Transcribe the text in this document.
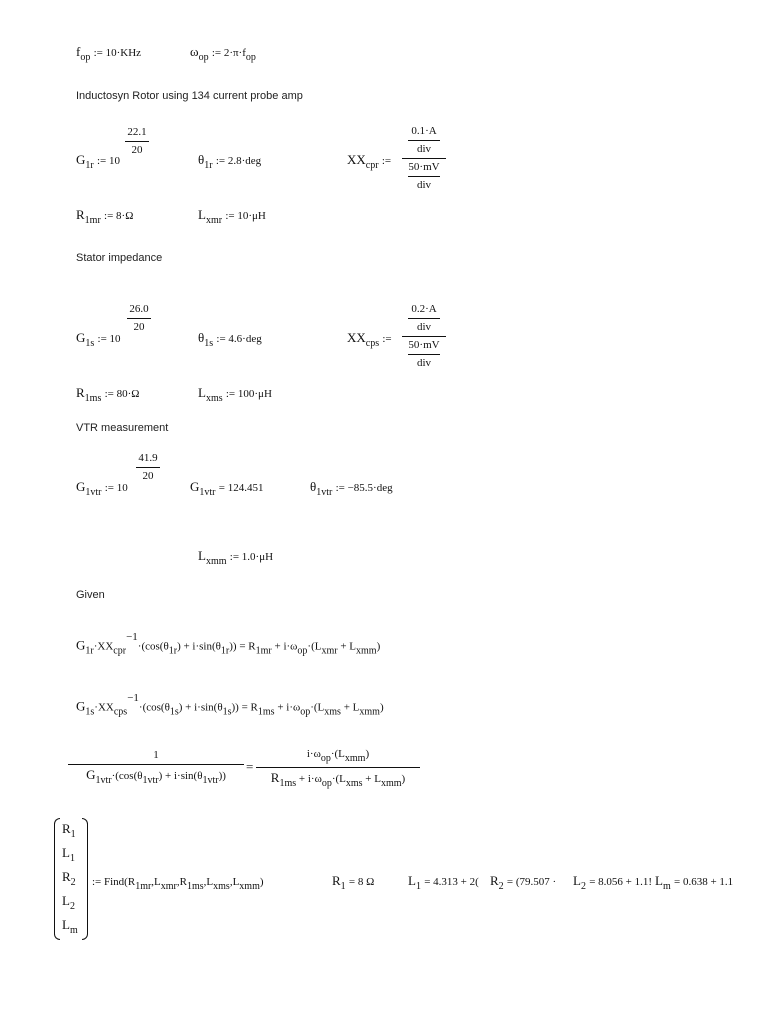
$f_{op}$ := 10·KHz	$\omega_{op}$ := $2\cdot\pi\cdot f_{op}$
Inductosyn Rotor using 134 current probe amp
22.1
20
$G_{1r}$ := 10	$\theta_{1r}$ := 2.8·deg	$XX_{cpr}$ :=
0.1·A
div
50·mV
div
$R_{1mr}$ := 8·Ω	$L_{xmr}$ := 10·μH
Stator impedance
26.0
20
$G_{1s}$ := 10	$\theta_{1s}$ := 4.6·deg	$XX_{cps}$ :=
0.2·A
div
50·mV
div
$R_{1ms}$ := 80·Ω	$L_{xms}$ := 100·μH
VTR measurement
41.9
20
$G_{1vtr}$ := 10	$G_{1vtr} = 124.451$	$\theta_{1vtr}$ := −85.5·deg
$L_{xmm}$ := 1.0·μH
Given
$G_{1r}\cdot XX_{cpr}^{-1}\cdot(\cos(\theta_{1r}) + i\cdot\sin(\theta_{1r})) = R_{1mr} + i\cdot\omega_{op}\cdot(L_{xmr} + L_{xmm})$
$G_{1s}\cdot XX_{cps}^{-1}\cdot(\cos(\theta_{1s}) + i\cdot\sin(\theta_{1s})) = R_{1ms} + i\cdot\omega_{op}\cdot(L_{xms} + L_{xmm})$
1
$G_{1vtr}\cdot(\cos(\theta_{1vtr}) + i\cdot\sin(\theta_{1vtr}))$
=
$i\cdot\omega_{op}\cdot(L_{xmm})$
$R_{1ms} + i\cdot\omega_{op}\cdot(L_{xms} + L_{xmm})$
$R_1$
$L_1$
$R_2$
$L_2$
$L_m$
:= $Find(R_{1mr},L_{xmr},R_{1ms},L_{xms},L_{xmm})$	$R_1 = 8$ Ω	$L_1 = 4.313 + 2$( $R_2 = (79.507 \cdot L_2 = 8.056 + 1.1$! $L_m = 0.638 + 1.1$
